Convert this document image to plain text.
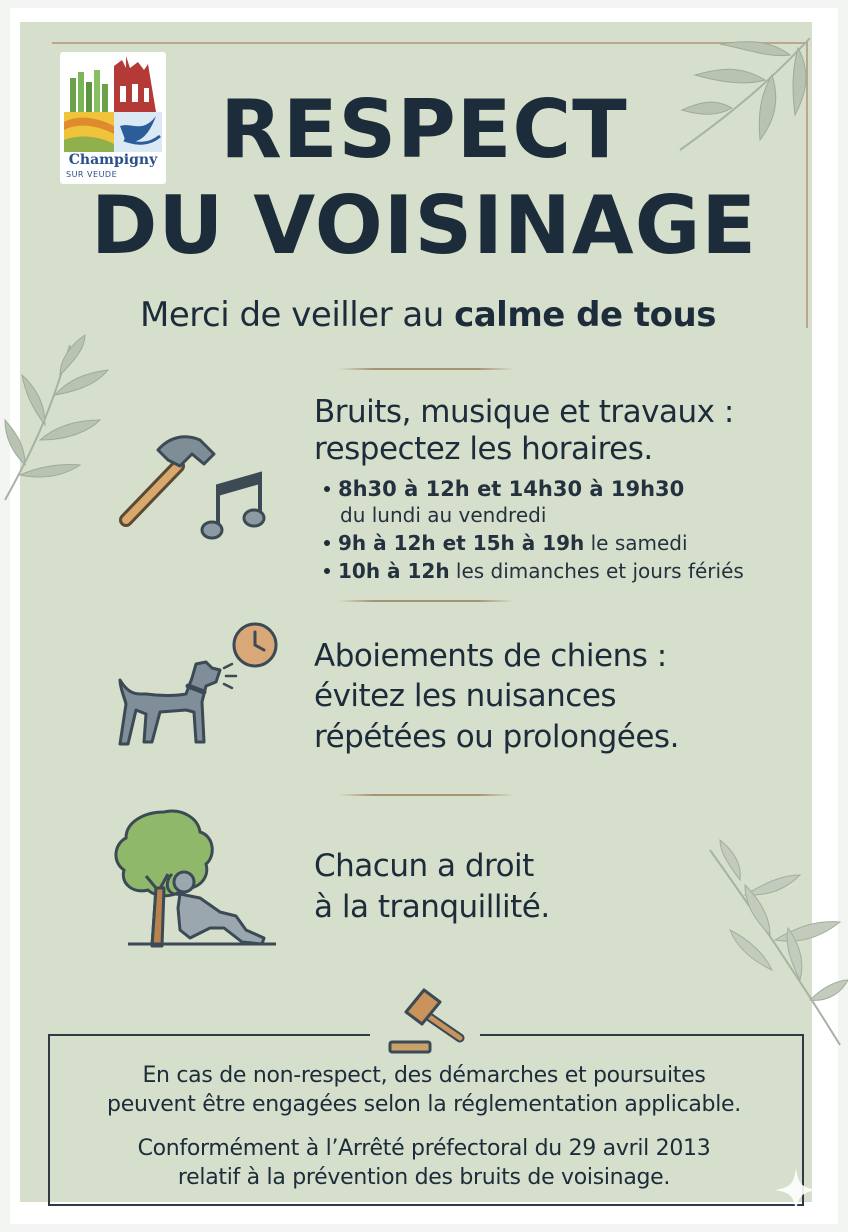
Champigny
SUR VEUDE	RESPECT
DU VOISINAGE
Merci de veiller au calme de tous
Bruits, musique et travaux :
respectez les horaires.
8h30 à 12h et 14h30 à 19h30
du lundi au vendredi
9h à 12h et 15h à 19h le samedi
10h à 12h les dimanches et jours fériés
Aboiements de chiens :
évitez les nuisances
répétées ou prolongées.
Chacun a droit
à la tranquillité.
En cas de non-respect, des démarches et poursuites
peuvent être engagées selon la réglementation applicable.
Conformément à l’Arrêté préfectoral du 29 avril 2013
relatif à la prévention des bruits de voisinage.
